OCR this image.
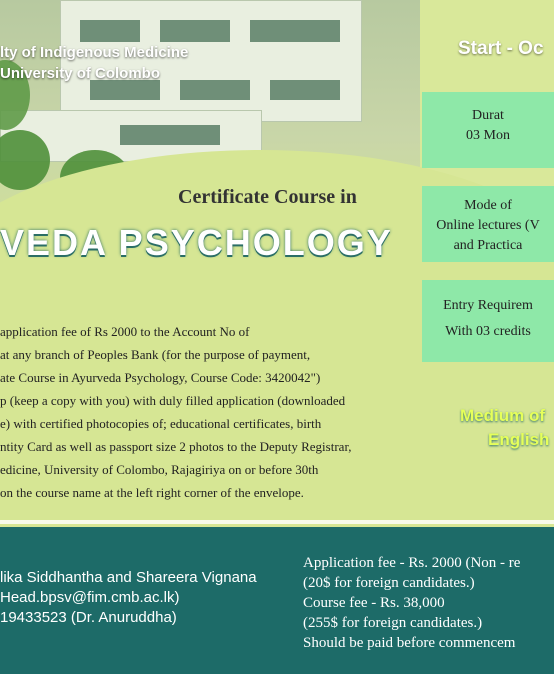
lty of Indigenous Medicine
University of Colombo
Start - Oc
Certificate Course in
VEDA PSYCHOLOGY
Durat
03 Mon
Mode of
Online lectures (V
and Practica
Entry Requirem
With 03 credits
Medium of
English
application fee of Rs 2000 to the Account No of
at any branch of Peoples Bank (for the purpose of payment,
ate Course in Ayurveda Psychology, Course Code: 3420042")
p (keep a copy with you) with duly filled application (downloaded
e) with certified photocopies of; educational certificates, birth
ntity Card as well as passport size 2 photos to the Deputy Registrar,
edicine, University of Colombo, Rajagiriya on or before 30th
on the course name at the left right corner of the envelope.
lika Siddhantha and Shareera Vignana
Head.bpsv@fim.cmb.ac.lk)
19433523 (Dr. Anuruddha)
Application fee - Rs. 2000 (Non - re
(20$ for foreign candidates.)
Course fee - Rs. 38,000
(255$ for foreign candidates.)
Should be paid before commencem
